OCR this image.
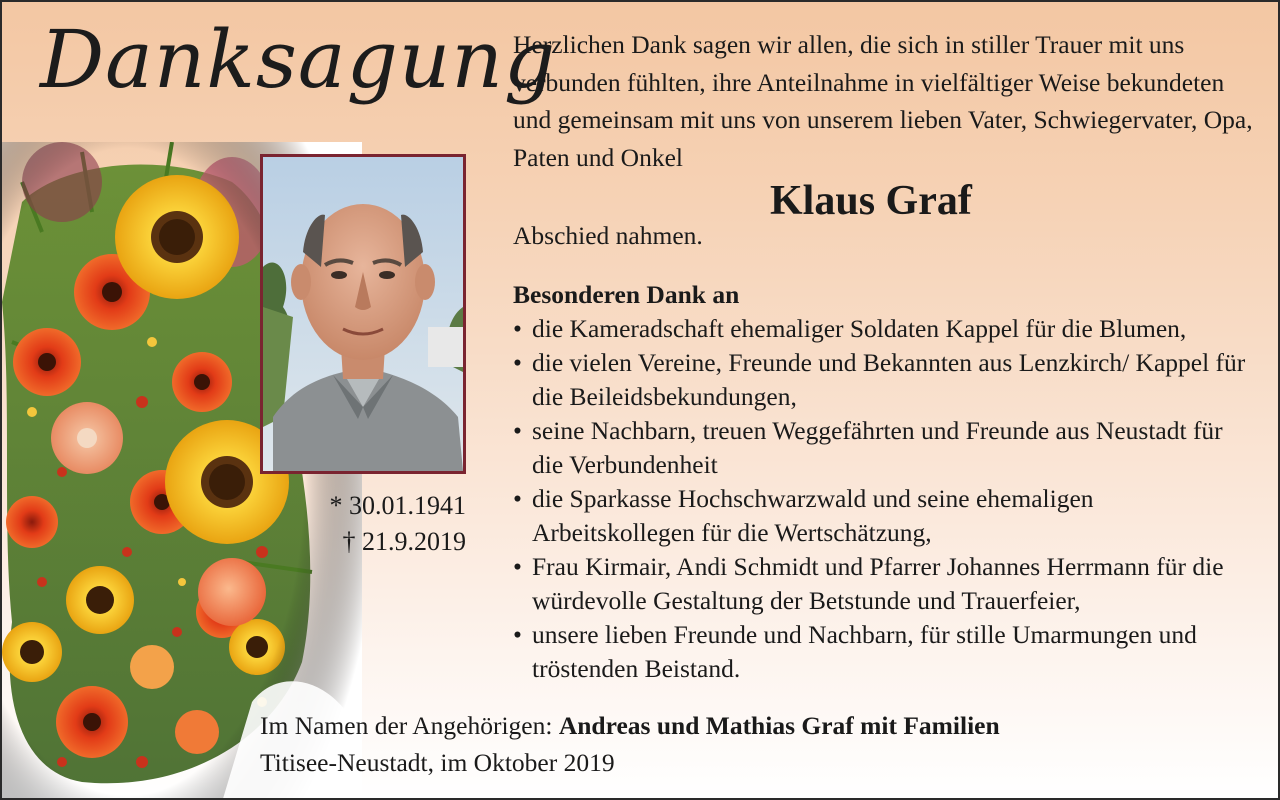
Danksagung
* 30.01.1941
† 21.9.2019
Herzlichen Dank sagen wir allen, die sich in stiller Trauer mit uns verbunden fühlten, ihre Anteilnahme in vielfältiger Weise bekundeten und gemeinsam mit uns von unserem lieben Vater, Schwiegervater, Opa, Paten und Onkel
Klaus Graf
Abschied nahmen.
Besonderen Dank an
• die Kameradschaft ehemaliger Soldaten Kappel für die Blumen,
• die vielen Vereine, Freunde und Bekannten aus Lenzkirch/ Kappel für die Beileidsbekundungen,
• seine Nachbarn, treuen Weggefährten und Freunde aus Neustadt für die Verbundenheit
• die Sparkasse Hochschwarzwald und seine ehemaligen Arbeitskollegen für die Wertschätzung,
• Frau Kirmair, Andi Schmidt und Pfarrer Johannes Herrmann für die würdevolle Gestaltung der Betstunde und Trauerfeier,
• unsere lieben Freunde und Nachbarn, für stille Umarmungen und tröstenden Beistand.
Im Namen der Angehörigen: Andreas und Mathias Graf mit Familien
Titisee-Neustadt, im Oktober 2019
